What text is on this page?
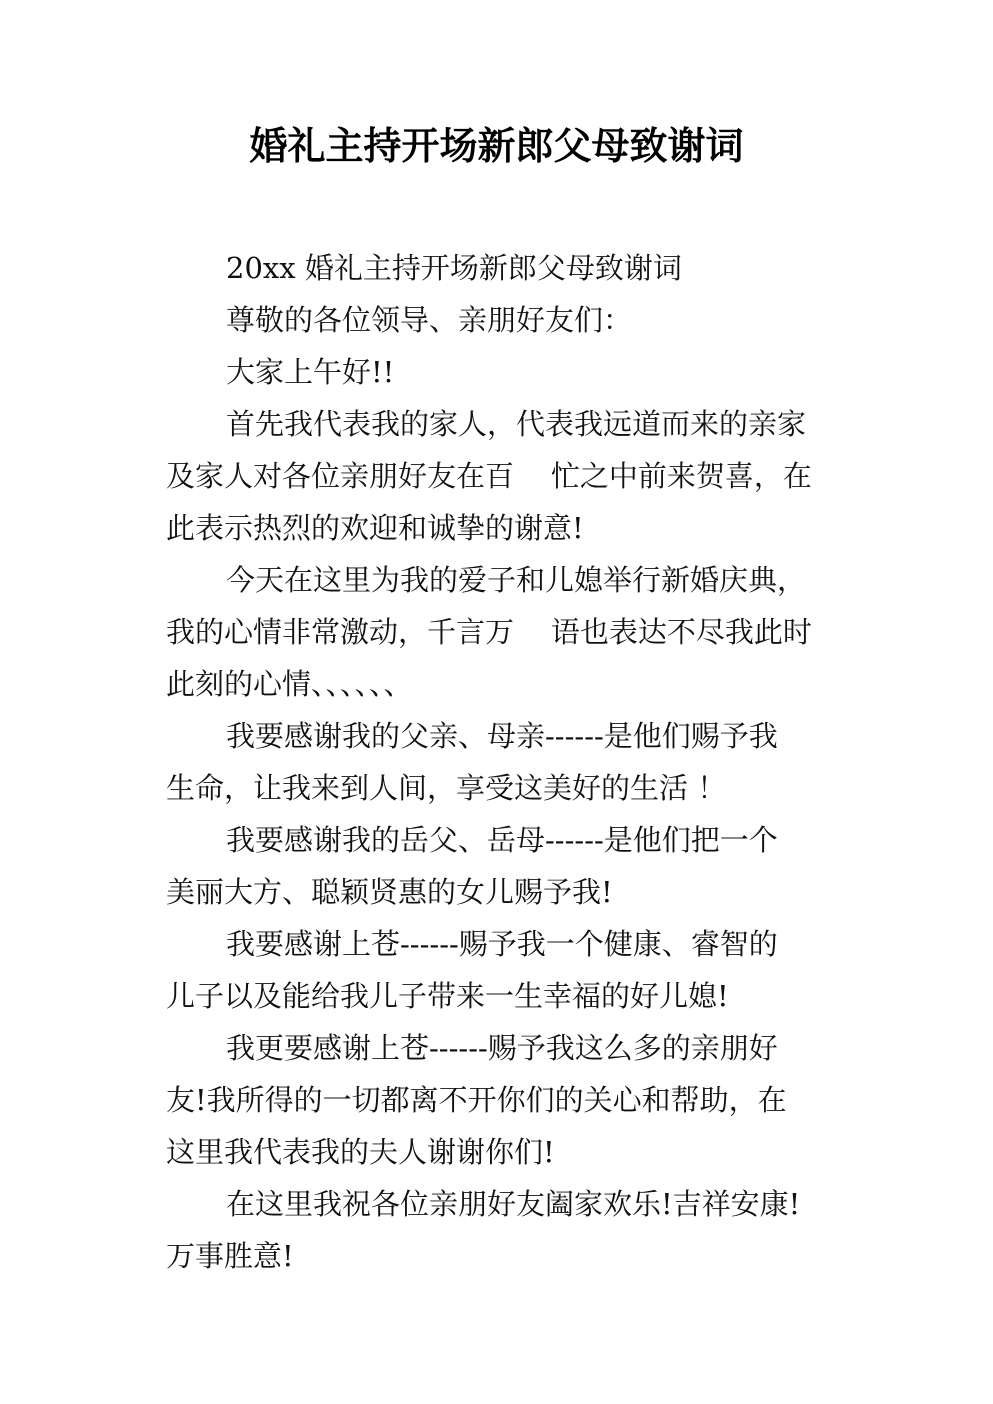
婚礼主持开场新郎父母致谢词
20xx 婚礼主持开场新郎父母致谢词
尊敬的各位领导、亲朋好友们：
大家上午好!!
首先我代表我的家人，代表我远道而来的亲家
及家人对各位亲朋好友在百    忙之中前来贺喜，在
此表示热烈的欢迎和诚挚的谢意!
今天在这里为我的爱子和儿媳举行新婚庆典，
我的心情非常激动，千言万    语也表达不尽我此时
此刻的心情、、、、、、
我要感谢我的父亲、母亲------是他们赐予我
生命，让我来到人间，享受这美好的生活 ！
我要感谢我的岳父、岳母------是他们把一个
美丽大方、聪颖贤惠的女儿赐予我!
我要感谢上苍------赐予我一个健康、睿智的
儿子以及能给我儿子带来一生幸福的好儿媳!
我更要感谢上苍------赐予我这么多的亲朋好
友!我所得的一切都离不开你们的关心和帮助，在
这里我代表我的夫人谢谢你们!
在这里我祝各位亲朋好友阖家欢乐!吉祥安康!
万事胜意!
